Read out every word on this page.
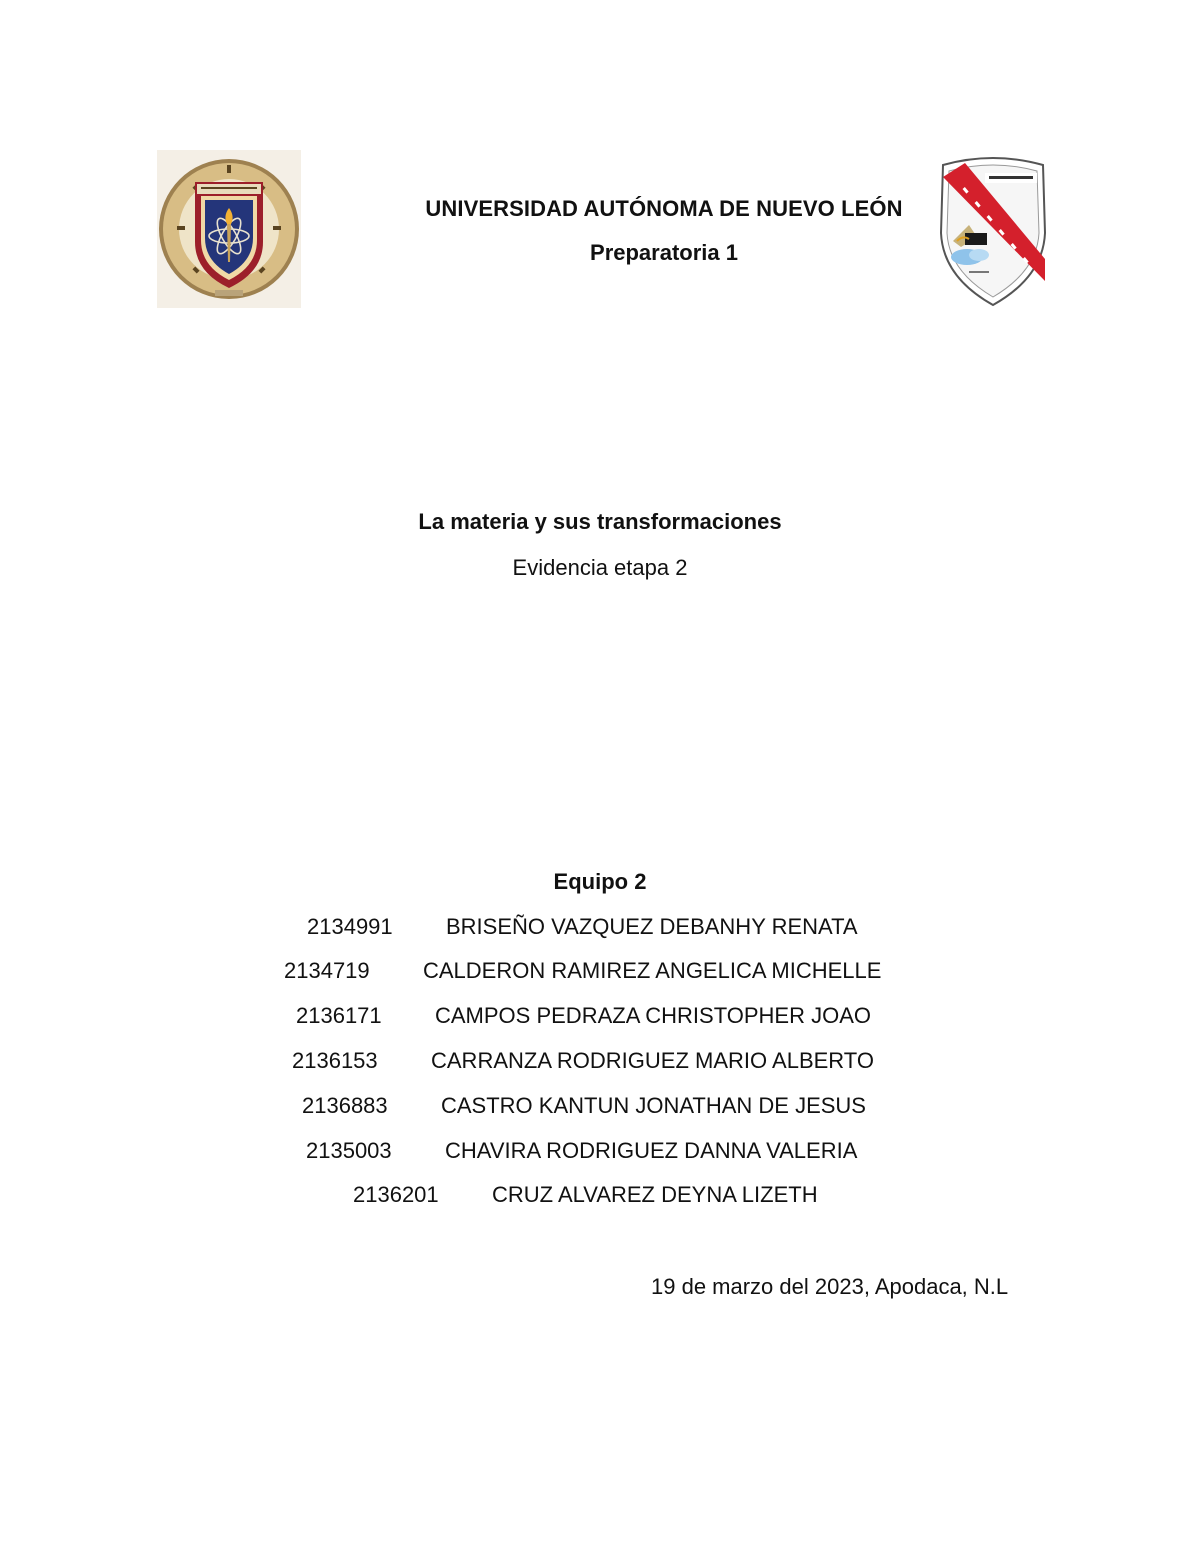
UNIVERSIDAD AUTÓNOMA DE NUEVO LEÓN
Preparatoria 1
La materia y sus transformaciones
Evidencia etapa 2
Equipo 2
2134991 BRISEÑO VAZQUEZ DEBANHY RENATA
2134719 CALDERON RAMIREZ ANGELICA MICHELLE
2136171 CAMPOS PEDRAZA CHRISTOPHER JOAO
2136153 CARRANZA RODRIGUEZ MARIO ALBERTO
2136883 CASTRO KANTUN JONATHAN DE JESUS
2135003 CHAVIRA RODRIGUEZ DANNA VALERIA
2136201 CRUZ ALVAREZ DEYNA LIZETH
19 de marzo del 2023, Apodaca, N.L
